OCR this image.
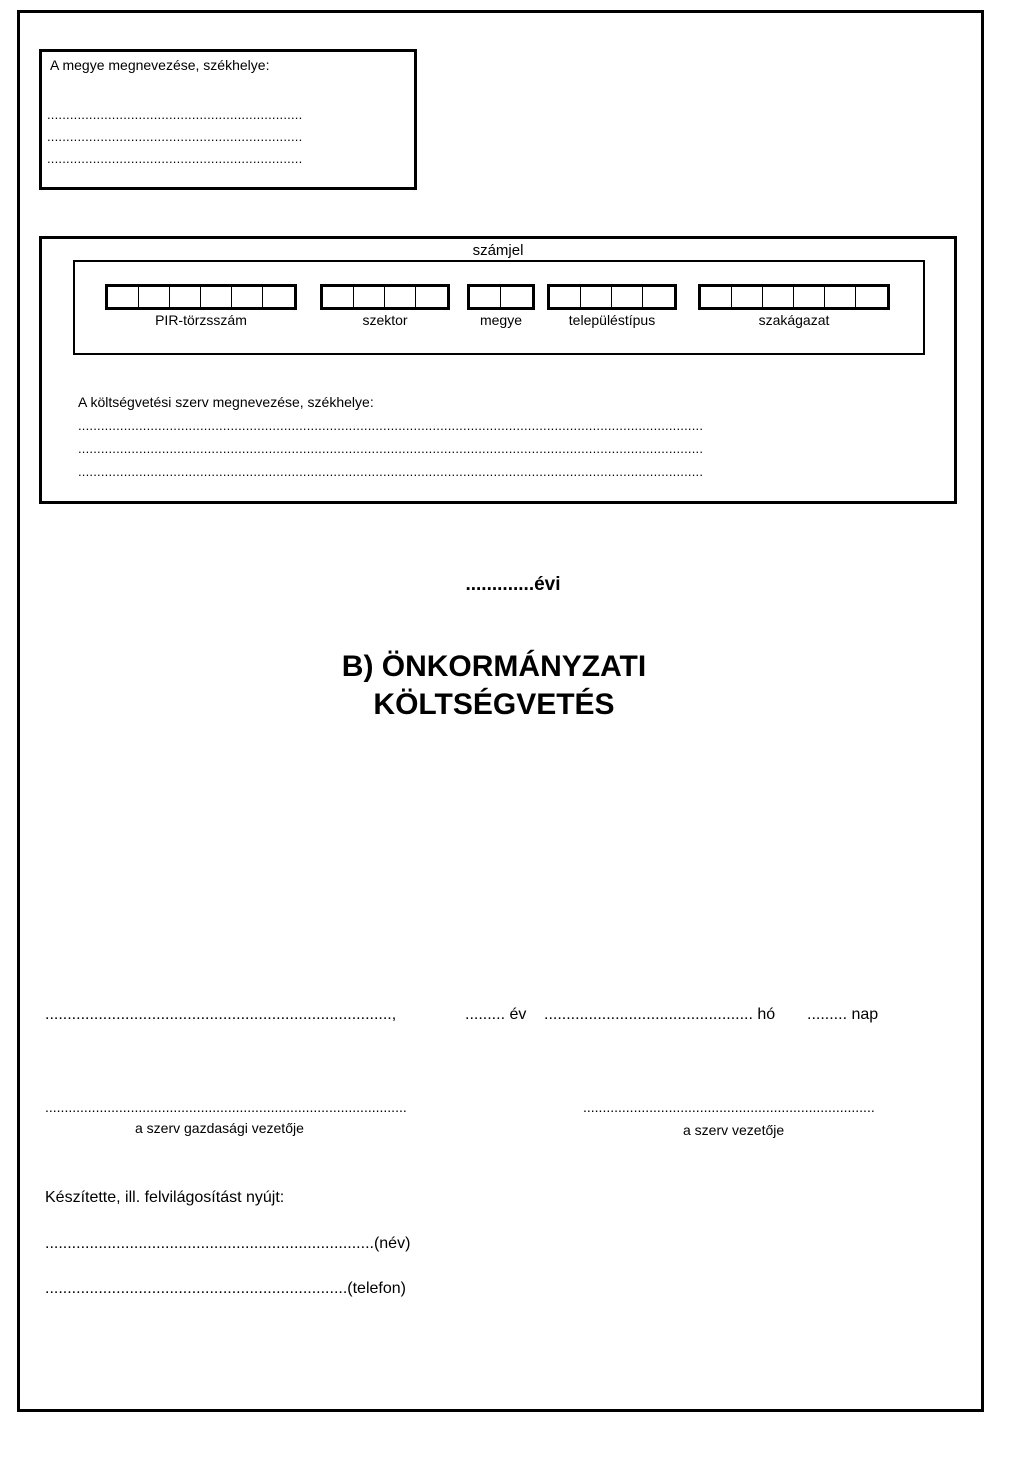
A megye megnevezése, székhelye:
...................................................................
...................................................................
...................................................................
számjel
PIR-törzsszám	szektor	megye	településtípus	szakágazat
A költségvetési szerv megnevezése, székhelye:
....................................................................................................................................................................
....................................................................................................................................................................
....................................................................................................................................................................
.............évi
B) ÖNKORMÁNYZATI
KÖLTSÉGVETÉS
..............................................................................,	......... év ............................................... hó ......... nap
.............................................................................................
a szerv gazdasági vezetője
...........................................................................
a szerv vezetője
Készítette, ill. felvilágosítást nyújt:
..........................................................................(név)
....................................................................(telefon)
